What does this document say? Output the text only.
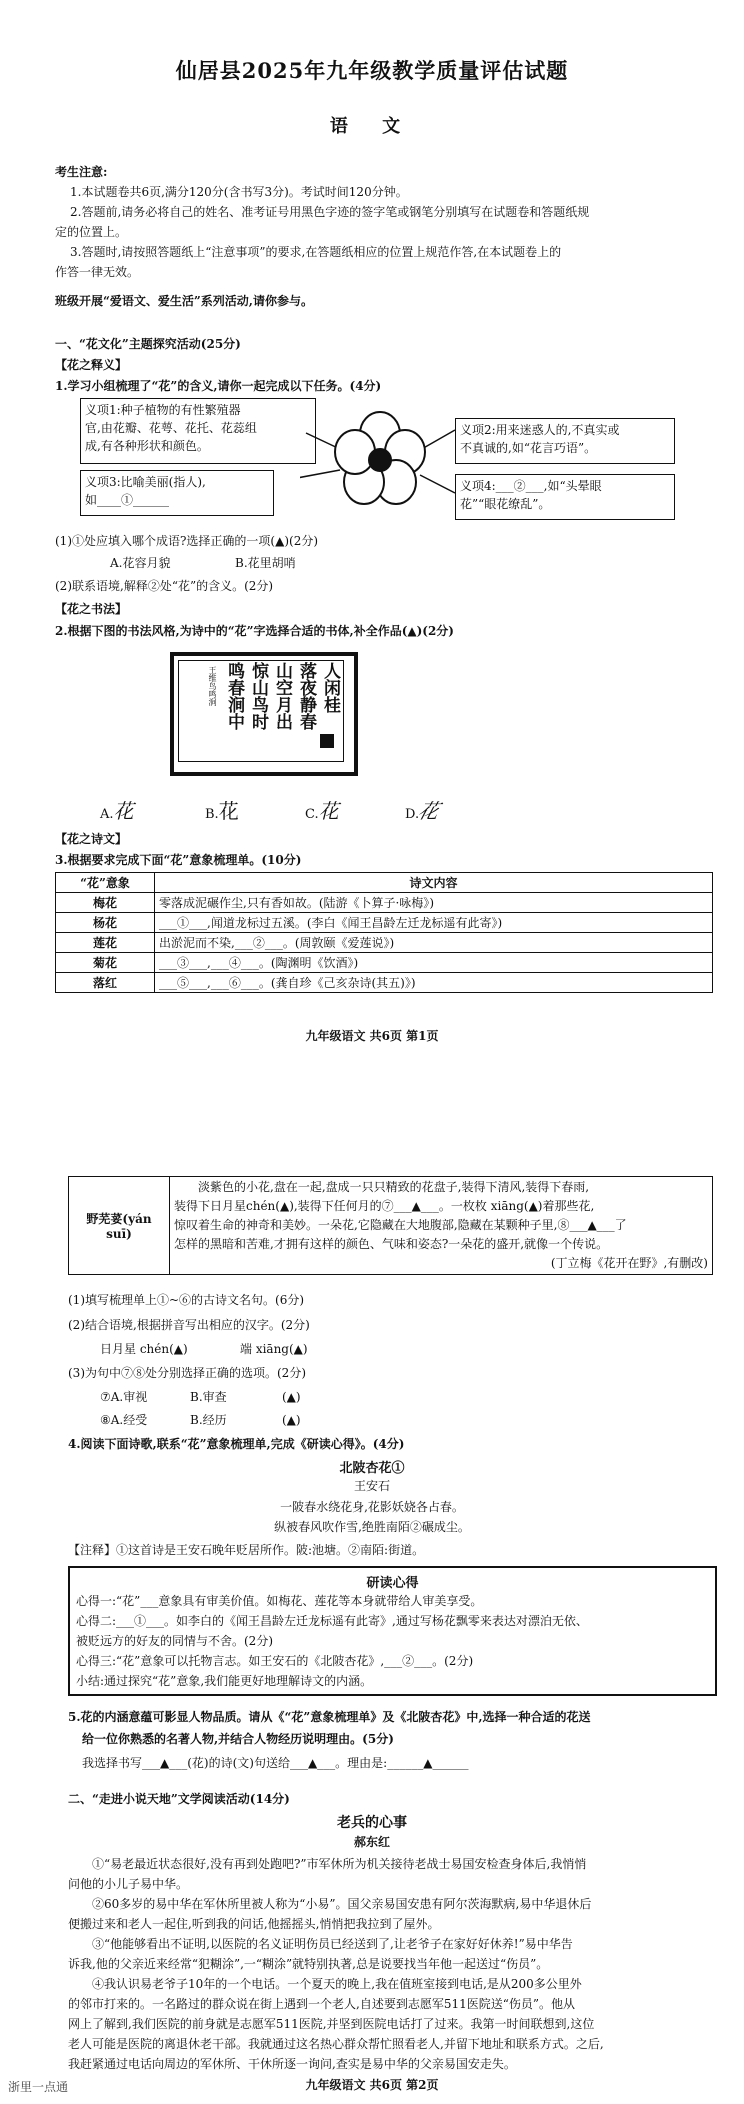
仙居县2025年九年级教学质量评估试题
语 文
考生注意:
1.本试题卷共6页,满分120分(含书写3分)。考试时间120分钟。
2.答题前,请务必将自己的姓名、准考证号用黑色字迹的签字笔或钢笔分别填写在试题卷和答题纸规
定的位置上。
3.答题时,请按照答题纸上“注意事项”的要求,在答题纸相应的位置上规范作答,在本试题卷上的
作答一律无效。
班级开展“爱语文、爱生活”系列活动,请你参与。
一、“花文化”主题探究活动(25分)
【花之释义】
1.学习小组梳理了“花”的含义,请你一起完成以下任务。(4分)
义项1:种子植物的有性繁殖器
官,由花瓣、花萼、花托、花蕊组
成,有各种形状和颜色。
义项3:比喻美丽(指人),
如____①______
义项2:用来迷惑人的,不真实或
不真诚的,如“花言巧语”。
义项4:___②___,如“头晕眼
花”“眼花缭乱”。
(1)①处应填入哪个成语?选择正确的一项(▲)(2分)
A.花容月貌	B.花里胡哨
(2)联系语境,解释②处“花”的含义。(2分)
【花之书法】
2.根据下图的书法风格,为诗中的“花”字选择合适的书体,补全作品(▲)(2分)
人闲桂
落夜静春
山空月出
惊山鸟时
鸣春涧中
王维鸟鸣涧
A.花	B.花	C.花	D.花
【花之诗文】
3.根据要求完成下面“花”意象梳理单。(10分)
“花”意象	诗文内容
梅花	零落成泥碾作尘,只有香如故。(陆游《卜算子·咏梅》)
杨花	___①___,闻道龙标过五溪。(李白《闻王昌龄左迁龙标遥有此寄》)
莲花	出淤泥而不染,___②___。(周敦颐《爱莲说》)
菊花	___③___,___④___。(陶渊明《饮酒》)
落红	___⑤___,___⑥___。(龚自珍《己亥杂诗(其五)》)
九年级语文 共6页 第1页
野芜荽(yán suī)	
淡紫色的小花,盘在一起,盘成一只只精致的花盘子,装得下清风,装得下春雨,
装得下日月星chén(▲),装得下任何月的⑦___▲___。一枚枚 xiāng(▲)着那些花,
惊叹着生命的神奇和美妙。一朵花,它隐藏在大地腹部,隐藏在某颗种子里,⑧___▲___了
怎样的黑暗和苦难,才拥有这样的颜色、气味和姿态?一朵花的盛开,就像一个传说。
(丁立梅《花开在野》,有删改)
(1)填写梳理单上①~⑥的古诗文名句。(6分)
(2)结合语境,根据拼音写出相应的汉字。(2分)
日月星 chén(▲)	端 xiāng(▲)
(3)为句中⑦⑧处分别选择正确的选项。(2分)
⑦A.审视	B.审查	(▲)
⑧A.经受	B.经历	(▲)
4.阅读下面诗歌,联系“花”意象梳理单,完成《研读心得》。(4分)
北陂杏花①
王安石
一陂春水绕花身,花影妖娆各占春。
纵被春风吹作雪,绝胜南陌②碾成尘。
【注释】①这首诗是王安石晚年贬居所作。陂:池塘。②南陌:街道。
研读心得
心得一:“花”___意象具有审美价值。如梅花、莲花等本身就带给人审美享受。
心得二:___①___。如李白的《闻王昌龄左迁龙标遥有此寄》,通过写杨花飘零来表达对漂泊无依、
被贬远方的好友的同情与不舍。(2分)
心得三:“花”意象可以托物言志。如王安石的《北陂杏花》,___②___。(2分)
小结:通过探究“花”意象,我们能更好地理解诗文的内涵。
5.花的内涵意蕴可影显人物品质。请从《“花”意象梳理单》及《北陂杏花》中,选择一种合适的花送
给一位你熟悉的名著人物,并结合人物经历说明理由。(5分)
我选择书写___▲___(花)的诗(文)句送给___▲___。理由是:______▲______
二、“走进小说天地”文学阅读活动(14分)
老兵的心事
郝东红
①“易老最近状态很好,没有再到处跑吧?”市军休所为机关接待老战士易国安检查身体后,我悄悄
问他的小儿子易中华。
②60多岁的易中华在军休所里被人称为“小易”。国父亲易国安患有阿尔茨海默病,易中华退休后
便搬过来和老人一起住,听到我的问话,他摇摇头,悄悄把我拉到了屋外。
③“他能够看出不证明,以医院的名义证明伤员已经送到了,让老爷子在家好好休养!”易中华告
诉我,他的父亲近来经常“犯糊涂”,一“糊涂”就特别执著,总是说要找当年他一起送过“伤员”。
④我认识易老爷子10年的一个电话。一个夏天的晚上,我在值班室接到电话,是从200多公里外
的邻市打来的。一名路过的群众说在街上遇到一个老人,自述要到志愿军511医院送“伤员”。他从
网上了解到,我们医院的前身就是志愿军511医院,并坚到医院电话打了过来。我第一时间联想到,这位
老人可能是医院的离退休老干部。我就通过这名热心群众帮忙照看老人,并留下地址和联系方式。之后,
我赶紧通过电话向周边的军休所、干休所逐一询问,查实是易中华的父亲易国安走失。
九年级语文 共6页 第2页
浙里一点通
